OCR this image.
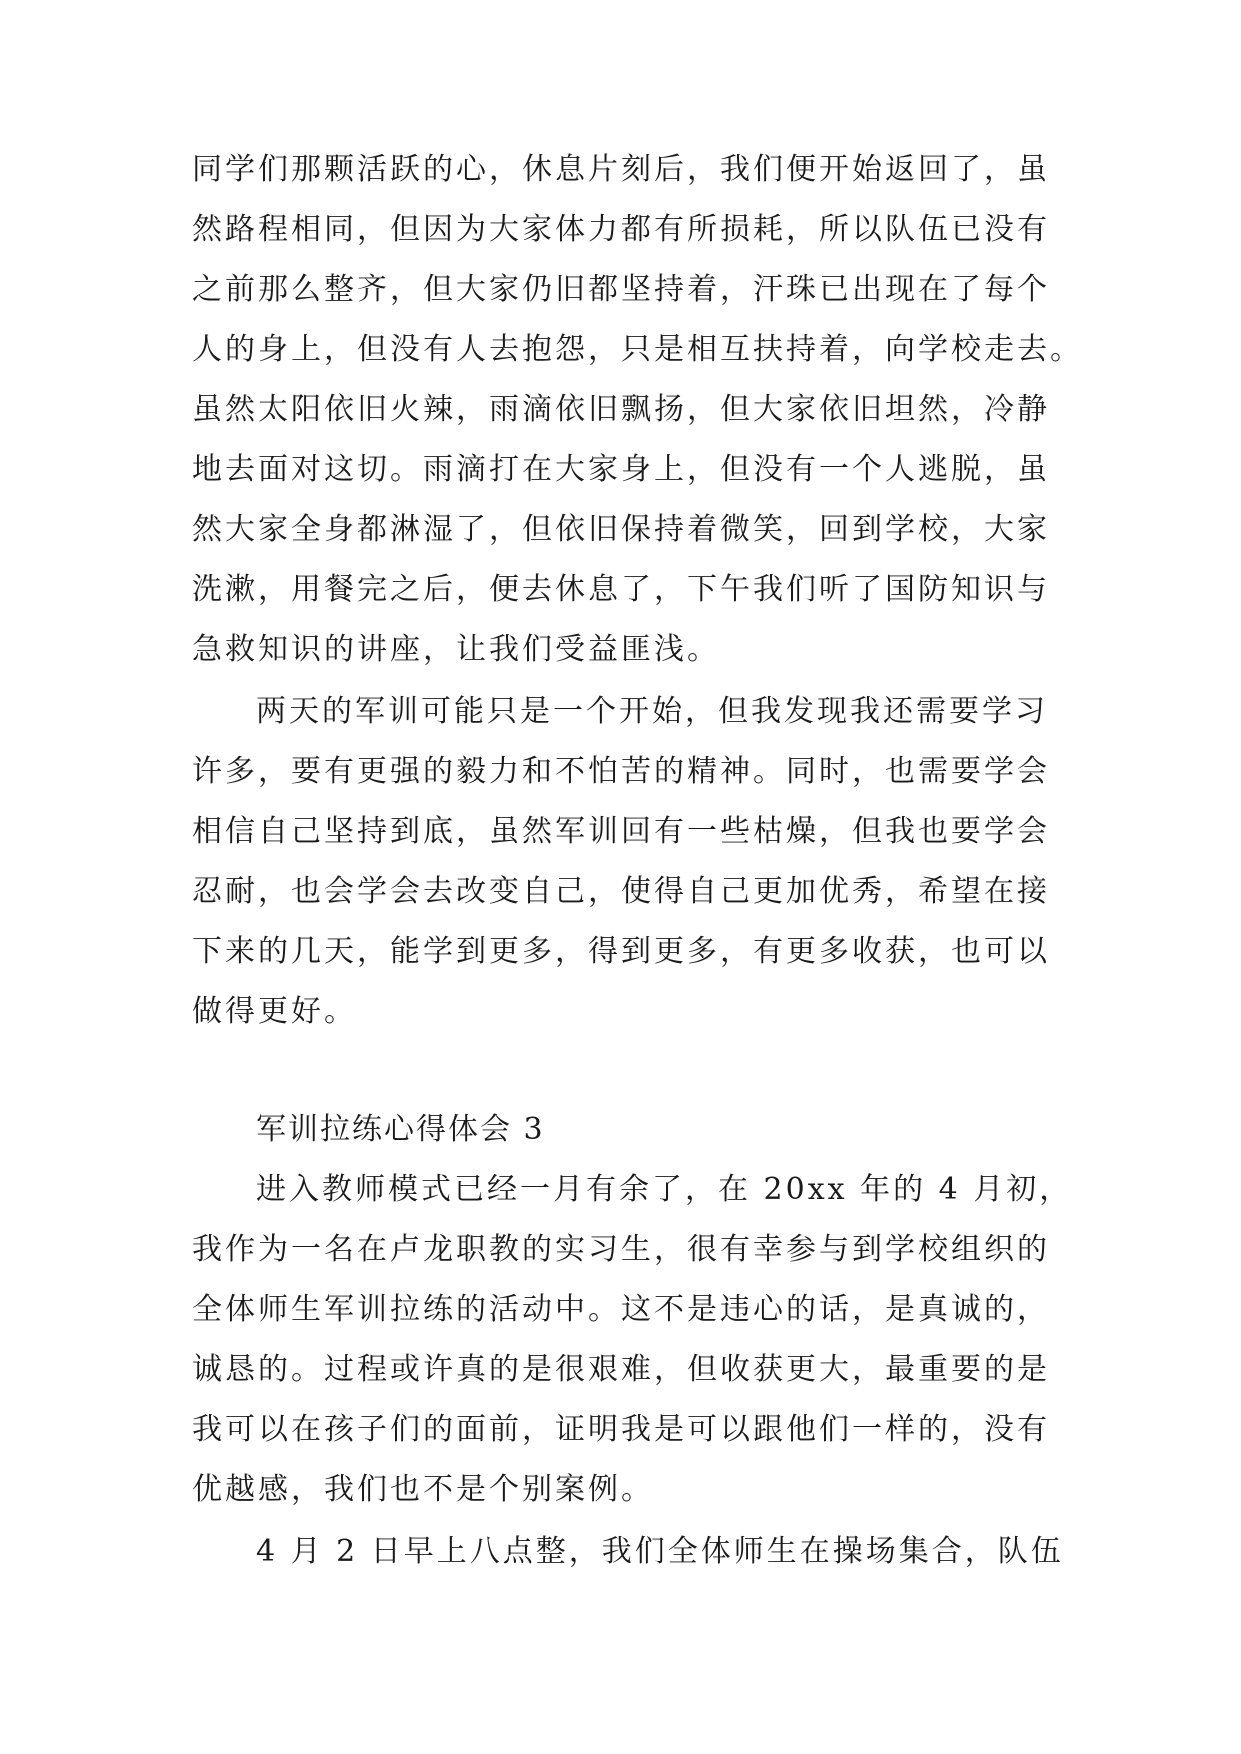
同学们那颗活跃的心，休息片刻后，我们便开始返回了，虽
然路程相同，但因为大家体力都有所损耗，所以队伍已没有
之前那么整齐，但大家仍旧都坚持着，汗珠已出现在了每个
人的身上，但没有人去抱怨，只是相互扶持着，向学校走去。
虽然太阳依旧火辣，雨滴依旧飘扬，但大家依旧坦然，冷静
地去面对这切。雨滴打在大家身上，但没有一个人逃脱，虽
然大家全身都淋湿了，但依旧保持着微笑，回到学校，大家
洗漱，用餐完之后，便去休息了，下午我们听了国防知识与
急救知识的讲座，让我们受益匪浅。
两天的军训可能只是一个开始，但我发现我还需要学习
许多，要有更强的毅力和不怕苦的精神。同时，也需要学会
相信自己坚持到底，虽然军训回有一些枯燥，但我也要学会
忍耐，也会学会去改变自己，使得自己更加优秀，希望在接
下来的几天，能学到更多，得到更多，有更多收获，也可以
做得更好。
军训拉练心得体会 3
进入教师模式已经一月有余了，在 20xx 年的 4 月初，
我作为一名在卢龙职教的实习生，很有幸参与到学校组织的
全体师生军训拉练的活动中。这不是违心的话，是真诚的，
诚恳的。过程或许真的是很艰难，但收获更大，最重要的是
我可以在孩子们的面前，证明我是可以跟他们一样的，没有
优越感，我们也不是个别案例。
4 月 2 日早上八点整，我们全体师生在操场集合，队伍
